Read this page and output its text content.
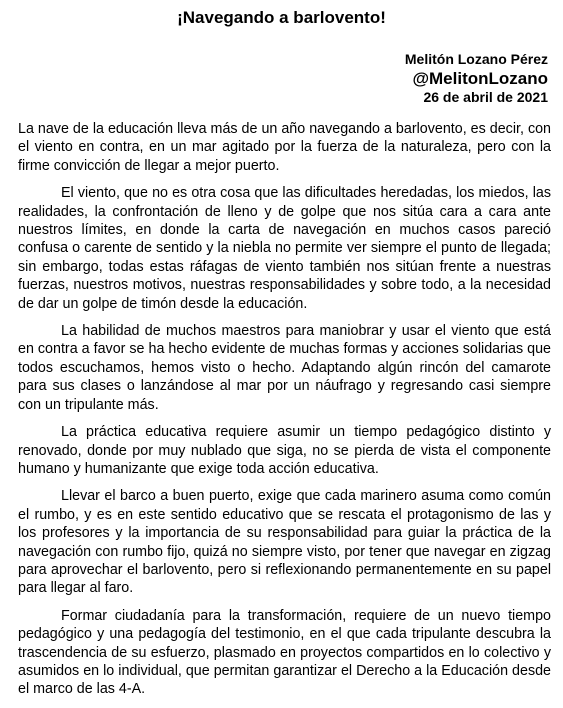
¡Navegando a barlovento!
Melitón Lozano Pérez
@MelitonLozano
26 de abril de 2021

La nave de la educación lleva más de un año navegando a barlovento, es decir, con el viento en contra, en un mar agitado por la fuerza de la naturaleza, pero con la firme convicción de llegar a mejor puerto.

El viento, que no es otra cosa que las dificultades heredadas, los miedos, las realidades, la confrontación de lleno y de golpe que nos sitúa cara a cara ante nuestros límites, en donde la carta de navegación en muchos casos pareció confusa o carente de sentido y la niebla no permite ver siempre el punto de llegada; sin embargo, todas estas ráfagas de viento también nos sitúan frente a nuestras fuerzas, nuestros motivos, nuestras responsabilidades y sobre todo, a la necesidad de dar un golpe de timón desde la educación.

La habilidad de muchos maestros para maniobrar y usar el viento que está en contra a favor se ha hecho evidente de muchas formas y acciones solidarias que todos escuchamos, hemos visto o hecho. Adaptando algún rincón del camarote para sus clases o lanzándose al mar por un náufrago y regresando casi siempre con un tripulante más.

La práctica educativa requiere asumir un tiempo pedagógico distinto y renovado, donde por muy nublado que siga, no se pierda de vista el componente humano y humanizante que exige toda acción educativa.

Llevar el barco a buen puerto, exige que cada marinero asuma como común el rumbo, y es en este sentido educativo que se rescata el protagonismo de las y los profesores y la importancia de su responsabilidad para guiar la práctica de la navegación con rumbo fijo, quizá no siempre visto, por tener que navegar en zigzag para aprovechar el barlovento, pero si reflexionando permanentemente en su papel para llegar al faro.

Formar ciudadanía para la transformación, requiere de un nuevo tiempo pedagógico y una pedagogía del testimonio, en el que cada tripulante descubra la trascendencia de su esfuerzo, plasmado en proyectos compartidos en lo colectivo y asumidos en lo individual, que permitan garantizar el Derecho a la Educación desde el marco de las 4-A.
